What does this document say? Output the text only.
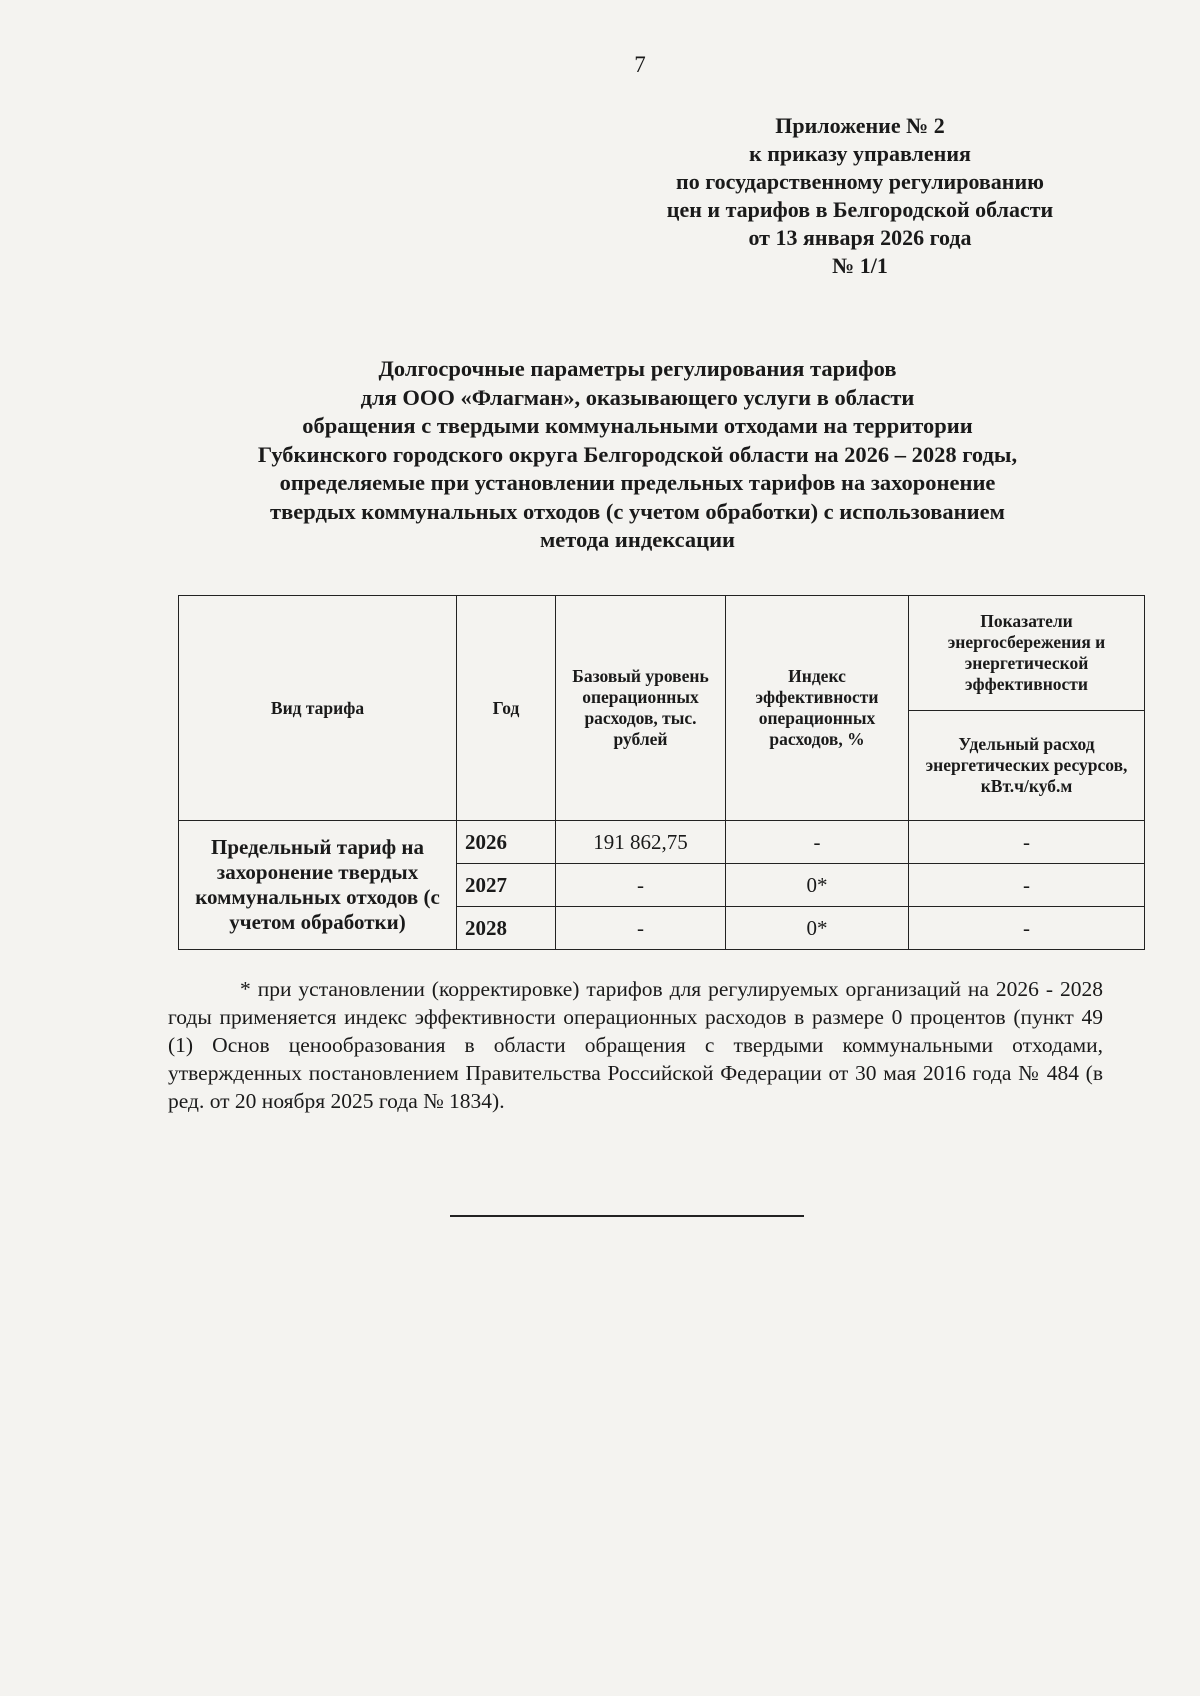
7
Приложение № 2
к приказу управления
по государственному регулированию
цен и тарифов в Белгородской области
от 13 января 2026 года
№ 1/1
Долгосрочные параметры регулирования тарифов
для ООО «Флагман», оказывающего услуги в области
обращения с твердыми коммунальными отходами на территории
Губкинского городского округа Белгородской области на 2026 – 2028 годы,
определяемые при установлении предельных тарифов на захоронение
твердых коммунальных отходов (с учетом обработки) с использованием
метода индексации
Вид тарифа	Год	Базовый уровень операционных расходов, тыс. рублей	Индекс эффективности операционных расходов, %	Показатели энергосбережения и энергетической эффективности
				Удельный расход энергетических ресурсов, кВт.ч/куб.м
Предельный тариф на захоронение твердых коммунальных отходов (с учетом обработки)	2026	191 862,75	-	-
	2027	-	0*	-
	2028	-	0*	-
* при установлении (корректировке) тарифов для регулируемых организаций на 2026 - 2028 годы применяется индекс эффективности операционных расходов в размере 0 процентов (пункт 49 (1) Основ ценообразования в области обращения с твердыми коммунальными отходами, утвержденных постановлением Правительства Российской Федерации от 30 мая 2016 года № 484 (в ред. от 20 ноября 2025 года № 1834).
